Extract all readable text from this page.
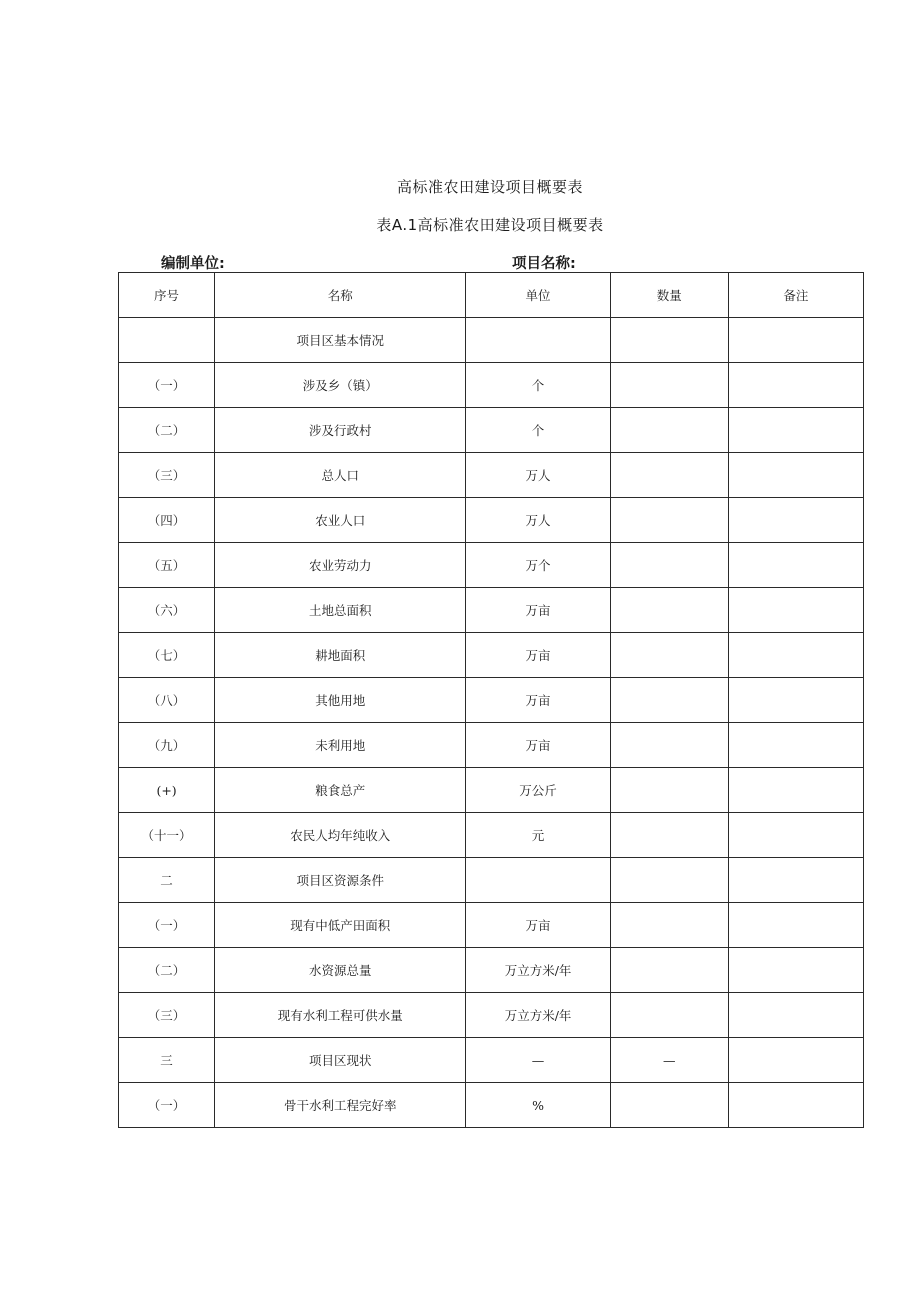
高标准农田建设项目概要表
表A.1高标准农田建设项目概要表
编制单位:	项目名称:
序号	名称	单位	数量	备注
	项目区基本情况			
（一）	涉及乡（镇）	个		
（二）	涉及行政村	个		
（三）	总人口	万人		
（四）	农业人口	万人		
（五）	农业劳动力	万个		
（六）	土地总面积	万亩		
（七）	耕地面积	万亩		
（八）	其他用地	万亩		
（九）	未利用地	万亩		
(+)	粮食总产	万公斤		
（十一）	农民人均年纯收入	元		
二	项目区资源条件			
（一）	现有中低产田面积	万亩		
（二）	水资源总量	万立方米/年		
（三）	现有水利工程可供水量	万立方米/年		
三	项目区现状	—	—	
（一）	骨干水利工程完好率	%		
